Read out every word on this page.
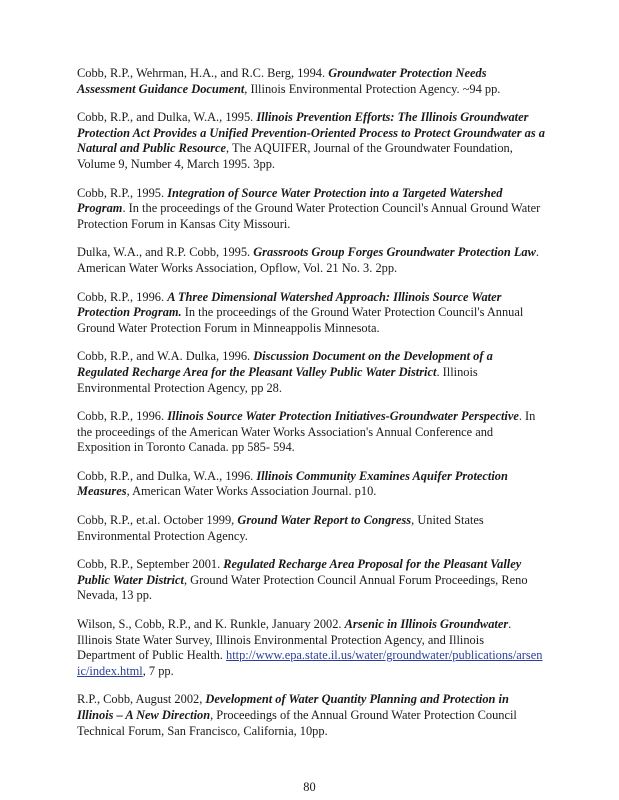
Cobb, R.P., Wehrman, H.A., and R.C. Berg, 1994. Groundwater Protection Needs Assessment Guidance Document, Illinois Environmental Protection Agency. ~94 pp.

Cobb, R.P., and Dulka, W.A., 1995. Illinois Prevention Efforts: The Illinois Groundwater Protection Act Provides a Unified Prevention-Oriented Process to Protect Groundwater as a Natural and Public Resource, The AQUIFER, Journal of the Groundwater Foundation, Volume 9, Number 4, March 1995. 3pp.

Cobb, R.P., 1995. Integration of Source Water Protection into a Targeted Watershed Program. In the proceedings of the Ground Water Protection Council's Annual Ground Water Protection Forum in Kansas City Missouri.

Dulka, W.A., and R.P. Cobb, 1995. Grassroots Group Forges Groundwater Protection Law. American Water Works Association, Opflow, Vol. 21 No. 3. 2pp.

Cobb, R.P., 1996. A Three Dimensional Watershed Approach: Illinois Source Water Protection Program. In the proceedings of the Ground Water Protection Council's Annual Ground Water Protection Forum in Minneappolis Minnesota.

Cobb, R.P., and W.A. Dulka, 1996. Discussion Document on the Development of a Regulated Recharge Area for the Pleasant Valley Public Water District. Illinois Environmental Protection Agency, pp 28.

Cobb, R.P., 1996. Illinois Source Water Protection Initiatives-Groundwater Perspective. In the proceedings of the American Water Works Association's Annual Conference and Exposition in Toronto Canada. pp 585- 594.

Cobb, R.P., and Dulka, W.A., 1996. Illinois Community Examines Aquifer Protection Measures, American Water Works Association Journal. p10.

Cobb, R.P., et.al. October 1999, Ground Water Report to Congress, United States Environmental Protection Agency.

Cobb, R.P., September 2001. Regulated Recharge Area Proposal for the Pleasant Valley Public Water District, Ground Water Protection Council Annual Forum Proceedings, Reno Nevada, 13 pp.

Wilson, S., Cobb, R.P., and K. Runkle, January 2002. Arsenic in Illinois Groundwater. Illinois State Water Survey, Illinois Environmental Protection Agency, and Illinois Department of Public Health. http://www.epa.state.il.us/water/groundwater/publications/arsenic/index.html, 7 pp.

R.P., Cobb, August 2002, Development of Water Quantity Planning and Protection in Illinois – A New Direction, Proceedings of the Annual Ground Water Protection Council Technical Forum, San Francisco, California, 10pp.

80
